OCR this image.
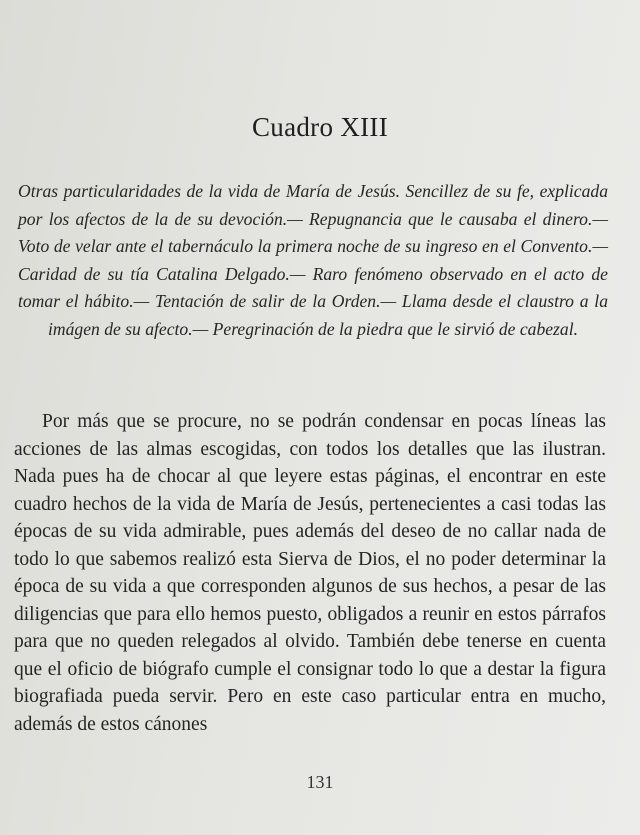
Cuadro XIII

Otras particularidades de la vida de María de Jesús. Sencillez de su fe, explicada por los afectos de la de su devoción.— Repugnancia que le causaba el dinero.— Voto de velar ante el tabernáculo la primera noche de su ingreso en el Convento.— Caridad de su tía Catalina Delgado.— Raro fenómeno observado en el acto de tomar el hábito.— Tentación de salir de la Orden.— Llama desde el claustro a la imágen de su afecto.— Peregrinación de la piedra que le sirvió de cabezal.

Por más que se procure, no se podrán condensar en pocas líneas las acciones de las almas escogidas, con todos los detalles que las ilustran. Nada pues ha de chocar al que leyere estas páginas, el encontrar en este cuadro hechos de la vida de María de Jesús, pertenecientes a casi todas las épocas de su vida admirable, pues además del deseo de no callar nada de todo lo que sabemos realizó esta Sierva de Dios, el no poder determinar la época de su vida a que corresponden algunos de sus hechos, a pesar de las diligencias que para ello hemos puesto, obligados a reunir en estos párrafos para que no queden relegados al olvido. También debe tenerse en cuenta que el oficio de biógrafo cumple el consignar todo lo que a destar la figura biografiada pueda servir. Pero en este caso particular entra en mucho, además de estos cánones

131
